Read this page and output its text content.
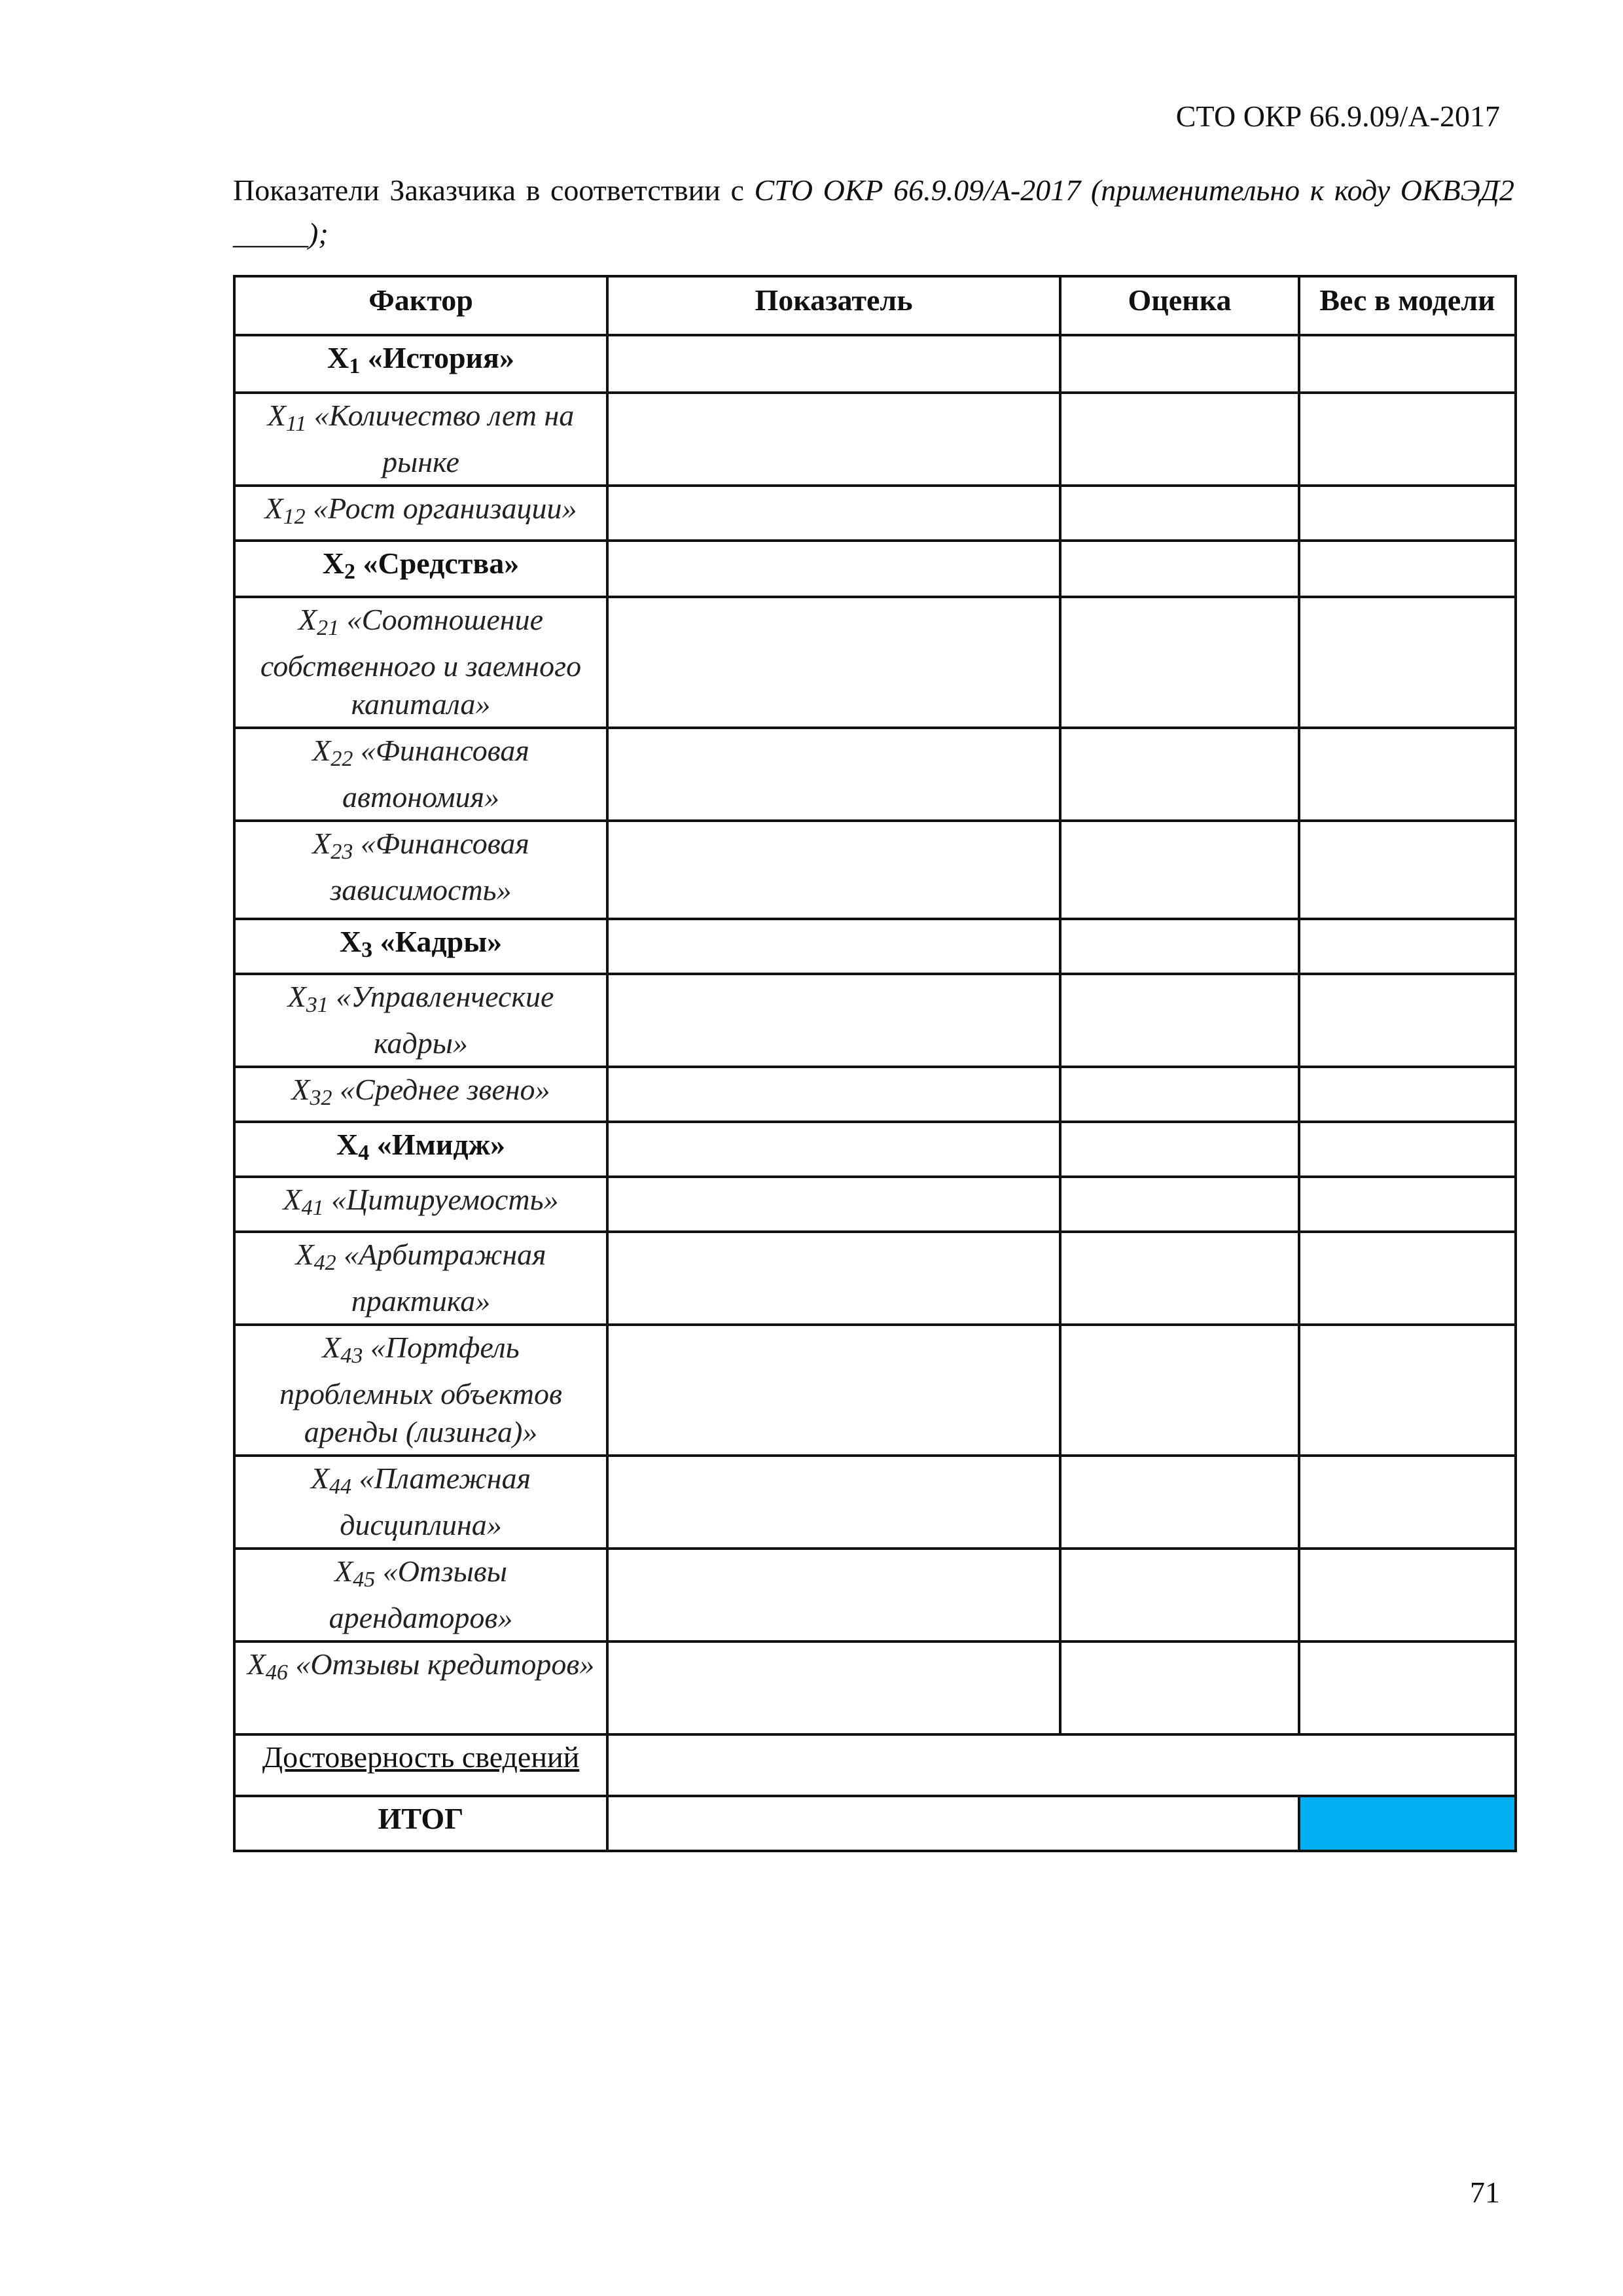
СТО ОКР 66.9.09/А-2017
Показатели Заказчика в соответствии с СТО ОКР 66.9.09/А-2017 (применительно к коду ОКВЭД2 _____);
Фактор	Показатель	Оценка	Вес в модели
X1 «История»			
X11 «Количество лет на рынке			
X12 «Рост организации»			
X2 «Средства»			
X21 «Соотношение собственного и заемного капитала»			
X22 «Финансовая автономия»			
X23 «Финансовая зависимость»			
X3 «Кадры»			
X31 «Управленческие кадры»			
X32 «Среднее звено»			
X4 «Имидж»			
X41 «Цитируемость»			
X42 «Арбитражная практика»			
X43 «Портфель проблемных объектов аренды (лизинга)»			
X44 «Платежная дисциплина»			
X45 «Отзывы арендаторов»			
X46 «Отзывы кредиторов»			
Достоверность сведений			
ИТОГ			
71
